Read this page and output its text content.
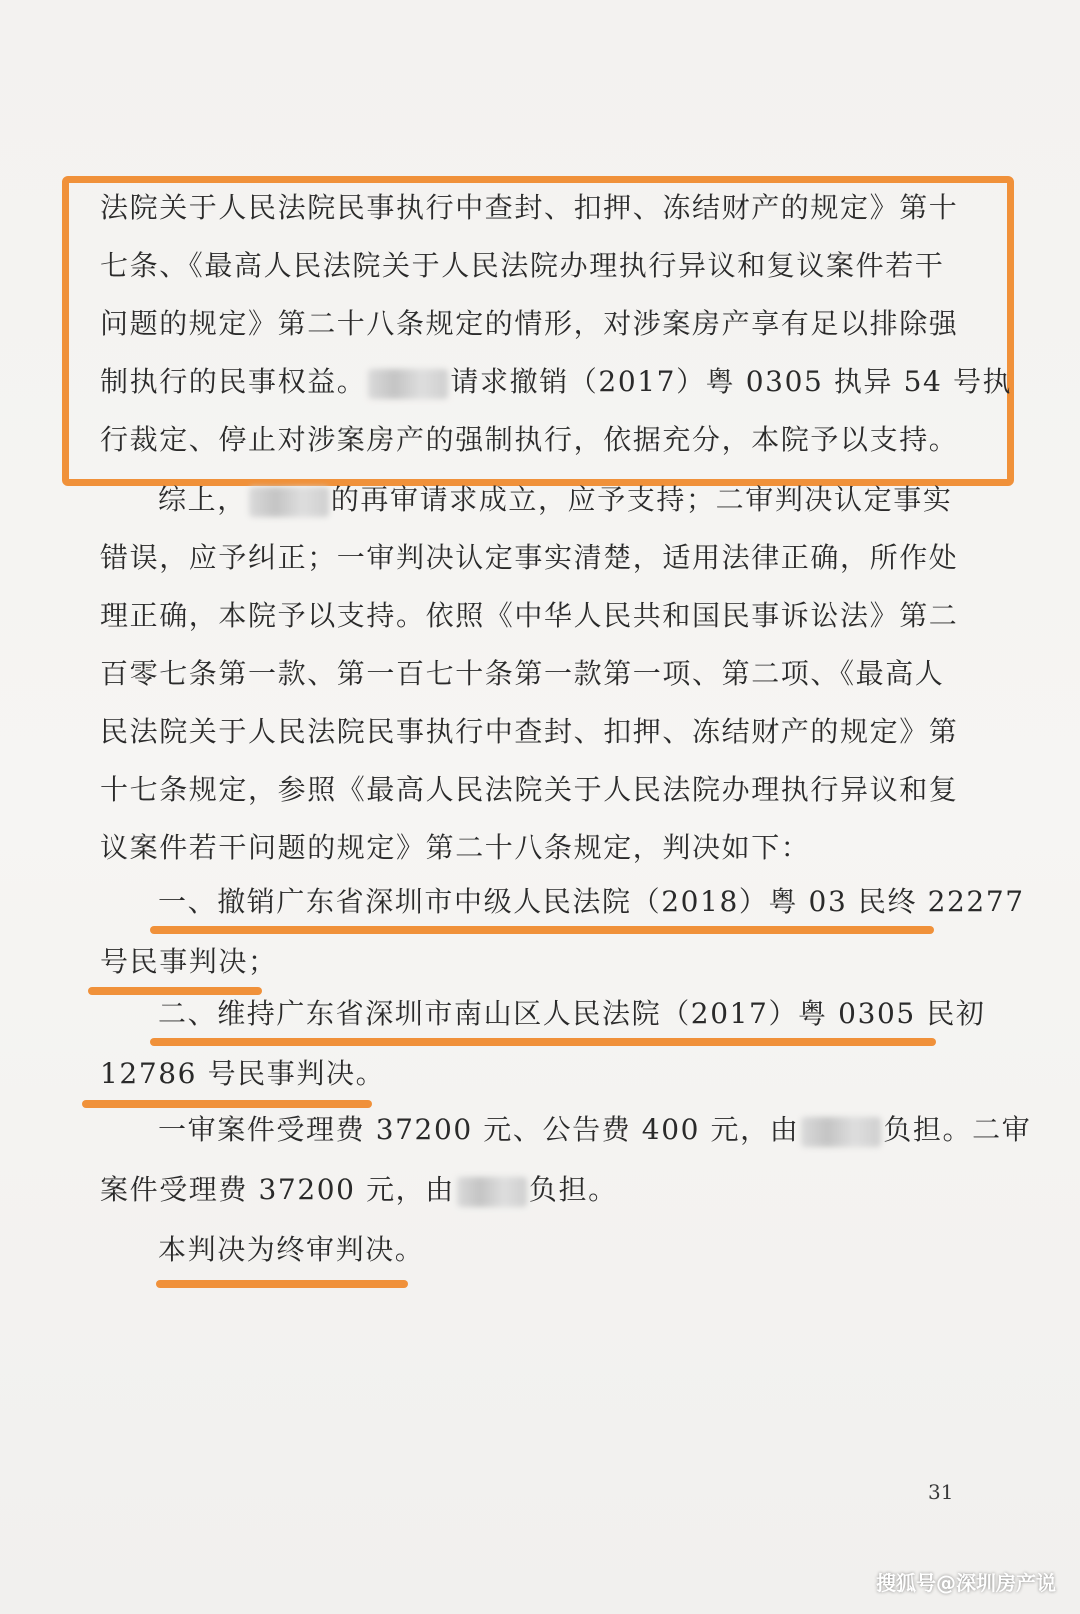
法院关于人民法院民事执行中查封、扣押、冻结财产的规定》第十
七条、《最高人民法院关于人民法院办理执行异议和复议案件若干
问题的规定》第二十八条规定的情形，对涉案房产享有足以排除强
制执行的民事权益。	请求撤销（2017）粤 0305 执异 54 号执
行裁定、停止对涉案房产的强制执行，依据充分，本院予以支持。
综上，	的再审请求成立，应予支持；二审判决认定事实
错误，应予纠正；一审判决认定事实清楚，适用法律正确，所作处
理正确，本院予以支持。依照《中华人民共和国民事诉讼法》第二
百零七条第一款、第一百七十条第一款第一项、第二项、《最高人
民法院关于人民法院民事执行中查封、扣押、冻结财产的规定》第
十七条规定，参照《最高人民法院关于人民法院办理执行异议和复
议案件若干问题的规定》第二十八条规定，判决如下：
一、撤销广东省深圳市中级人民法院（2018）粤 03 民终 22277
号民事判决；
二、维持广东省深圳市南山区人民法院（2017）粤 0305 民初
12786 号民事判决。
一审案件受理费 37200 元、公告费 400 元，由	负担。二审
案件受理费 37200 元，由	负担。
本判决为终审判决。
31
搜狐号@深圳房产说
